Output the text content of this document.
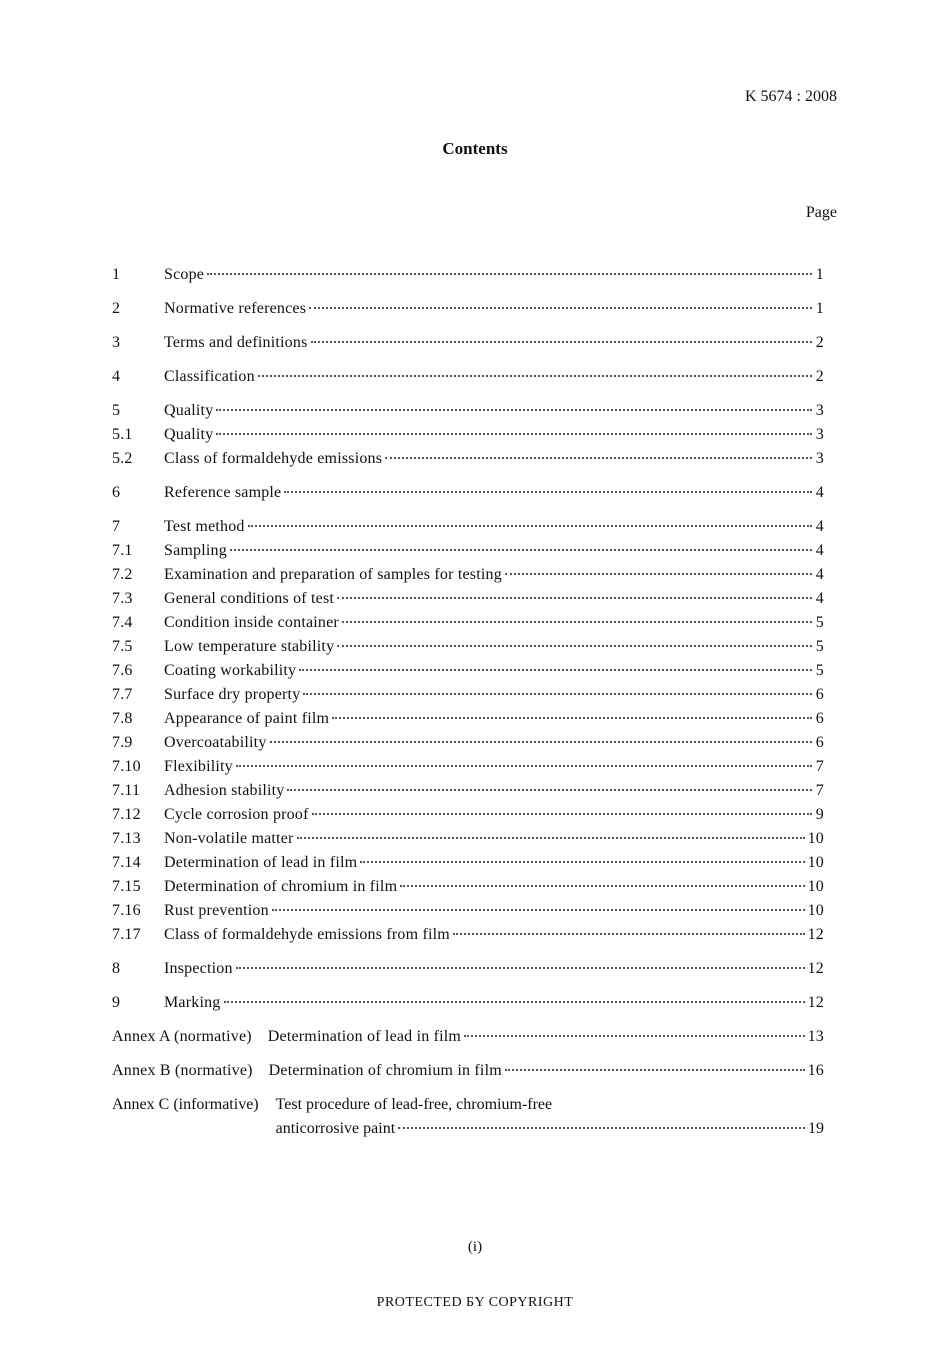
K 5674 : 2008
Contents
Page
1	Scope	1
2	Normative references	1
3	Terms and definitions	2
4	Classification	2
5	Quality	3
5.1	Quality	3
5.2	Class of formaldehyde emissions	3
6	Reference sample	4
7	Test method	4
7.1	Sampling	4
7.2	Examination and preparation of samples for testing	4
7.3	General conditions of test	4
7.4	Condition inside container	5
7.5	Low temperature stability	5
7.6	Coating workability	5
7.7	Surface dry property	6
7.8	Appearance of paint film	6
7.9	Overcoatability	6
7.10	Flexibility	7
7.11	Adhesion stability	7
7.12	Cycle corrosion proof	9
7.13	Non-volatile matter	10
7.14	Determination of lead in film	10
7.15	Determination of chromium in film	10
7.16	Rust prevention	10
7.17	Class of formaldehyde emissions from film	12
8	Inspection	12
9	Marking	12
Annex A (normative) Determination of lead in film	13
Annex B (normative) Determination of chromium in film	16
Annex C (informative) Test procedure of lead-free, chromium-free
anticorrosive paint	19
(i)
PROTECTED ƂY COPYRIGHT
